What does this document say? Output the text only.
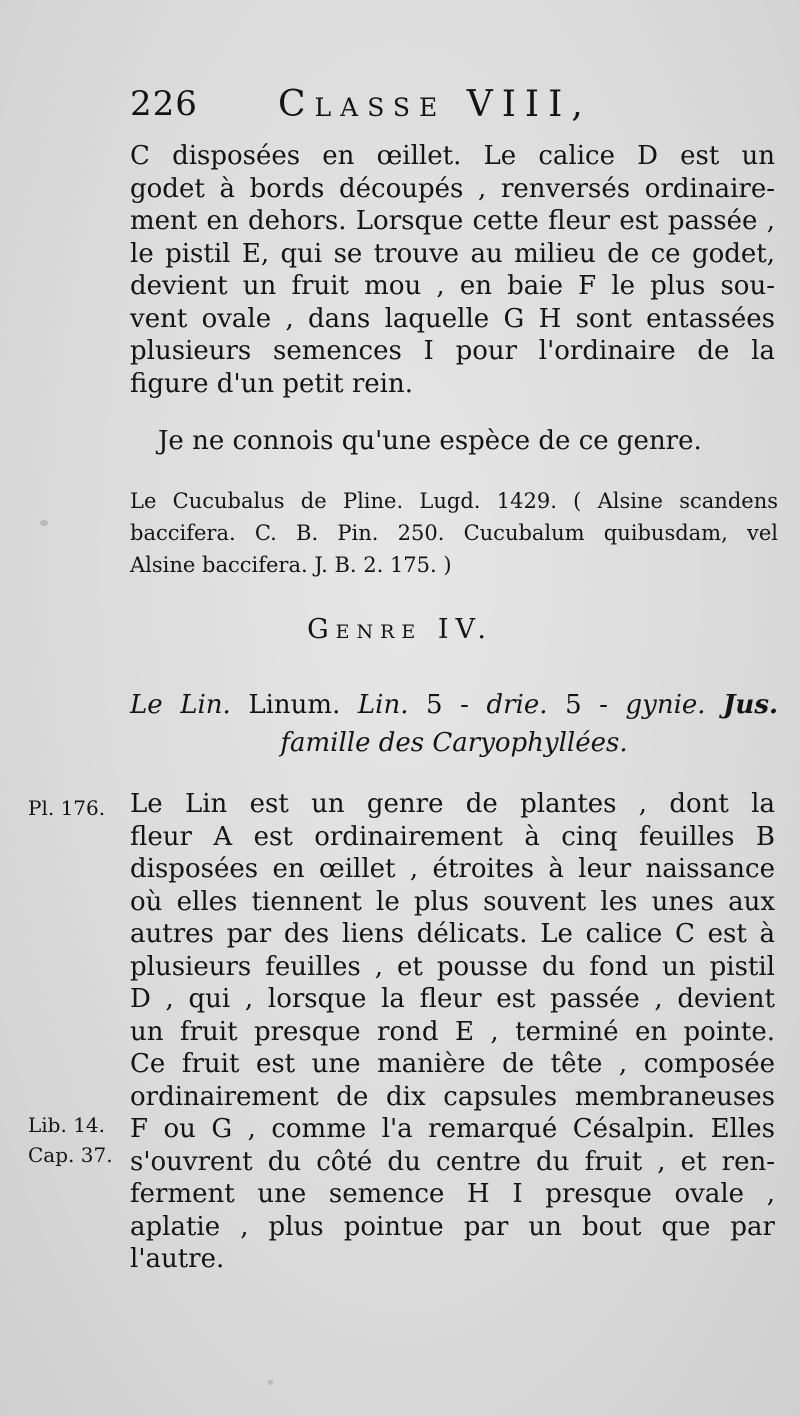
226 Classe VIII,

C disposées en œillet. Le calice D est un
godet à bords découpés , renversés ordinaire-
ment en dehors. Lorsque cette fleur est passée ,
le pistil E, qui se trouve au milieu de ce godet,
devient un fruit mou , en baie F le plus sou-
vent ovale , dans laquelle G H sont entassées
plusieurs semences I pour l'ordinaire de la
figure d'un petit rein.

Je ne connois qu'une espèce de ce genre.

Le Cucubalus de Pline. Lugd. 1429. ( Alsine scandens
baccifera. C. B. Pin. 250. Cucubalum quibusdam, vel
Alsine baccifera. J. B. 2. 175. )

Genre IV.

Le Lin. Linum. Lin. 5 - drie. 5 - gynie. Jus.
famille des Caryophyllées.

Le Lin est un genre de plantes , dont la
fleur A est ordinairement à cinq feuilles B
disposées en œillet , étroites à leur naissance
où elles tiennent le plus souvent les unes aux
autres par des liens délicats. Le calice C est à
plusieurs feuilles , et pousse du fond un pistil
D , qui , lorsque la fleur est passée , devient
un fruit presque rond E , terminé en pointe.
Ce fruit est une manière de tête , composée
ordinairement de dix capsules membraneuses
F ou G , comme l'a remarqué Césalpin. Elles
s'ouvrent du côté du centre du fruit , et ren-
ferment une semence H I presque ovale ,
aplatie , plus pointue par un bout que par
l'autre.

Pl. 176.
Lib. 14.
Cap. 37.
